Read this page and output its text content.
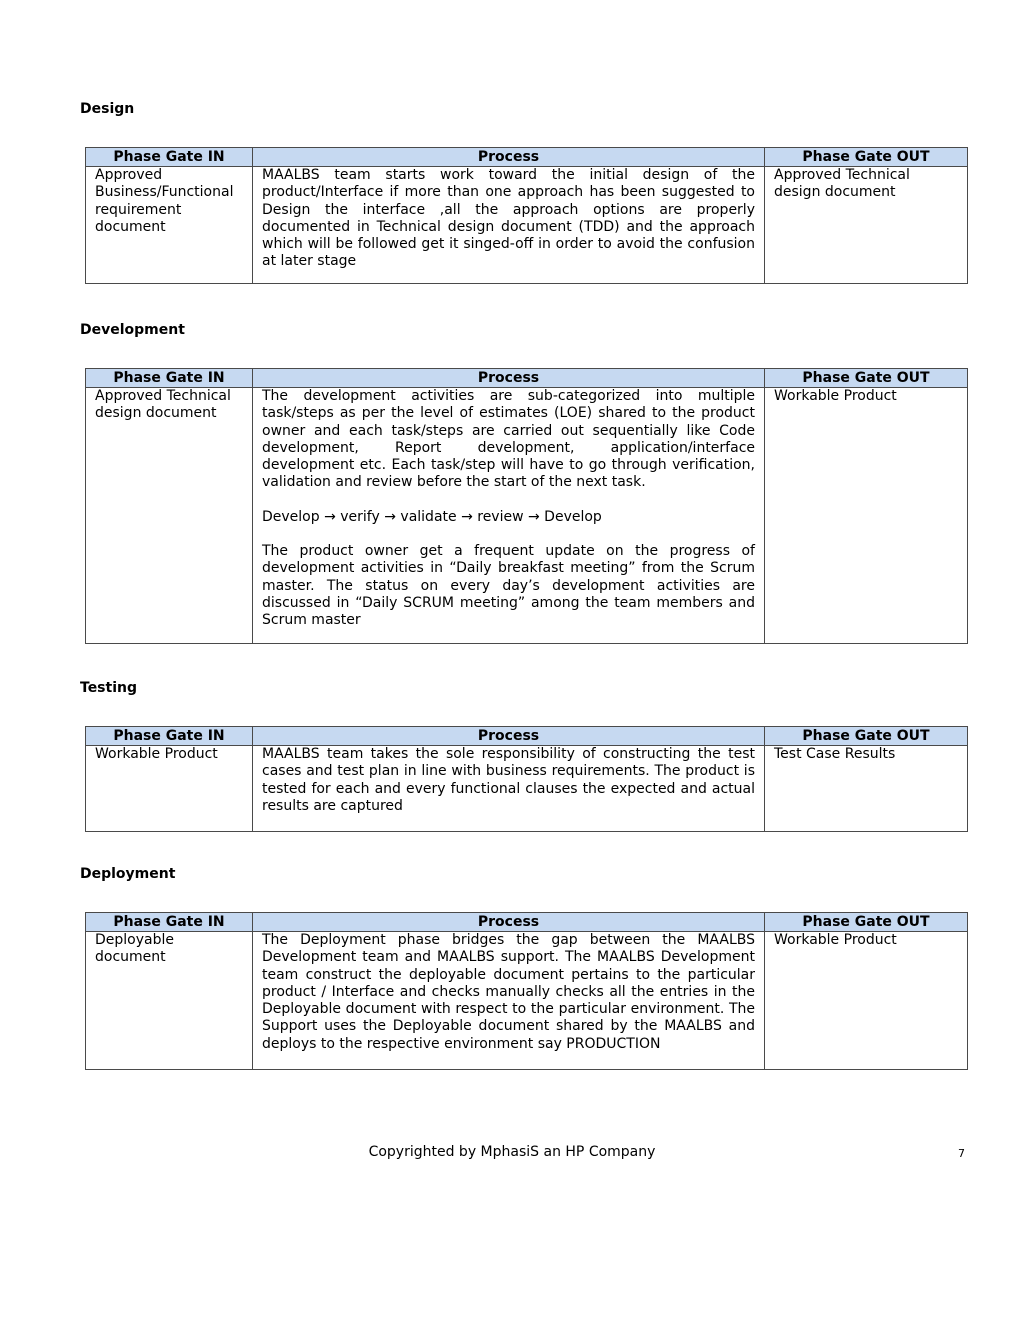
Design
Phase Gate IN	Process	Phase Gate OUT
Approved Business/Functional requirement document	MAALBS team starts work toward the initial design of the product/Interface if more than one approach has been suggested to Design the interface ,all the approach options are properly documented in Technical design document (TDD) and the approach which will be followed get it singed-off in order to avoid the confusion at later stage	Approved Technical design document
Development
Phase Gate IN	Process	Phase Gate OUT
Approved Technical design document	The development activities are sub-categorized into multiple task/steps as per the level of estimates (LOE) shared to the product owner and each task/steps are carried out sequentially like Code development, Report development, application/interface development etc. Each task/step will have to go through verification, validation and review before the start of the next task.

Develop → verify → validate → review → Develop

The product owner get a frequent update on the progress of development activities in “Daily breakfast meeting” from the Scrum master. The status on every day’s development activities are discussed in “Daily SCRUM meeting” among the team members and Scrum master	Workable Product
Testing
Phase Gate IN	Process	Phase Gate OUT
Workable Product	MAALBS team takes the sole responsibility of constructing the test cases and test plan in line with business requirements. The product is tested for each and every functional clauses the expected and actual results are captured	Test Case Results
Deployment
Phase Gate IN	Process	Phase Gate OUT
Deployable document	The Deployment phase bridges the gap between the MAALBS Development team and MAALBS support. The MAALBS Development team construct the deployable document pertains to the particular product / Interface and checks manually checks all the entries in the Deployable document with respect to the particular environment. The Support uses the Deployable document shared by the MAALBS and deploys to the respective environment say PRODUCTION	Workable Product
Copyrighted by MphasiS an HP Company	7
